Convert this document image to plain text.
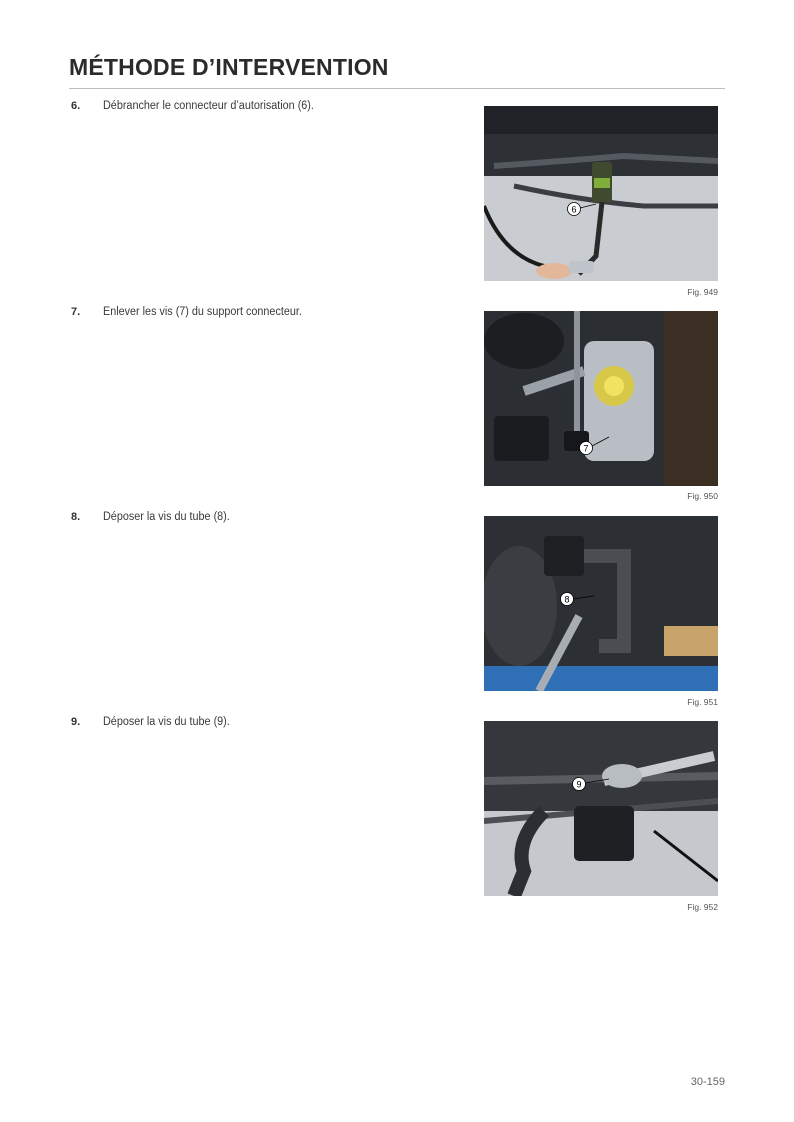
MÉTHODE D’INTERVENTION
6. Débrancher le connecteur d’autorisation (6).
6
Fig. 949
7. Enlever les vis (7) du support connecteur.
7
Fig. 950
8. Déposer la vis du tube (8).
8
Fig. 951
9. Déposer la vis du tube (9).
9
Fig. 952
30-159
